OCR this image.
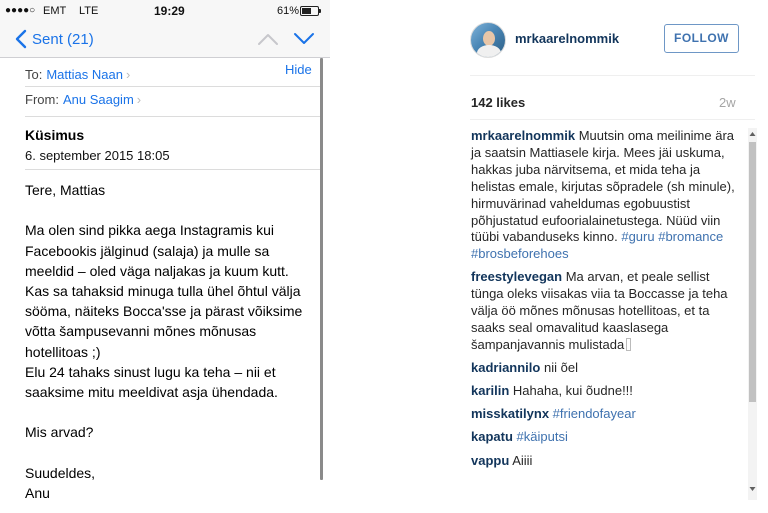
●●●●○ EMT LTE	19:29	61%
Sent (21)
To: Mattias Naan ›	Hide
From: Anu Saagim ›
Küsimus
6. september 2015 18:05

Tere, Mattias

Ma olen sind pikka aega Instagramis kui

Facebookis jälginud (salaja) ja mulle sa

meeldid – oled väga naljakas ja kuum kutt.

Kas sa tahaksid minuga tulla ühel õhtul välja

sööma, näiteks Bocca'sse ja pärast võiksime

võtta šampusevanni mõnes mõnusas

hotellitoas ;)

Elu 24 tahaks sinust lugu ka teha – nii et

saaksime mitu meeldivat asja ühendada.

Mis arvad?

Suudeldes,

Anu

mrkaarelnommik	FOLLOW
142 likes	2w
mrkaarelnommik Muutsin oma meilinime ära ja saatsin Mattiasele kirja. Mees jäi uskuma, hakkas juba närvitsema, et mida teha ja helistas emale, kirjutas sõpradele (sh minule), hirmuvärinad vaheldumas egobuustist põhjustatud eufoorialainetustega. Nüüd viin tüübi vabanduseks kinno. #guru #bromance #brosbeforehoes
freestylevegan Ma arvan, et peale sellist tünga oleks viisakas viia ta Boccasse ja teha välja öö mõnes mõnusas hotellitoas, et ta saaks seal omavalitud kaaslasega šampanjavannis mulistada
kadriannilo nii õel
karilin Hahaha, kui õudne!!!
misskatilynx #friendofayear
kapatu #käiputsi
vappu Aiiii
